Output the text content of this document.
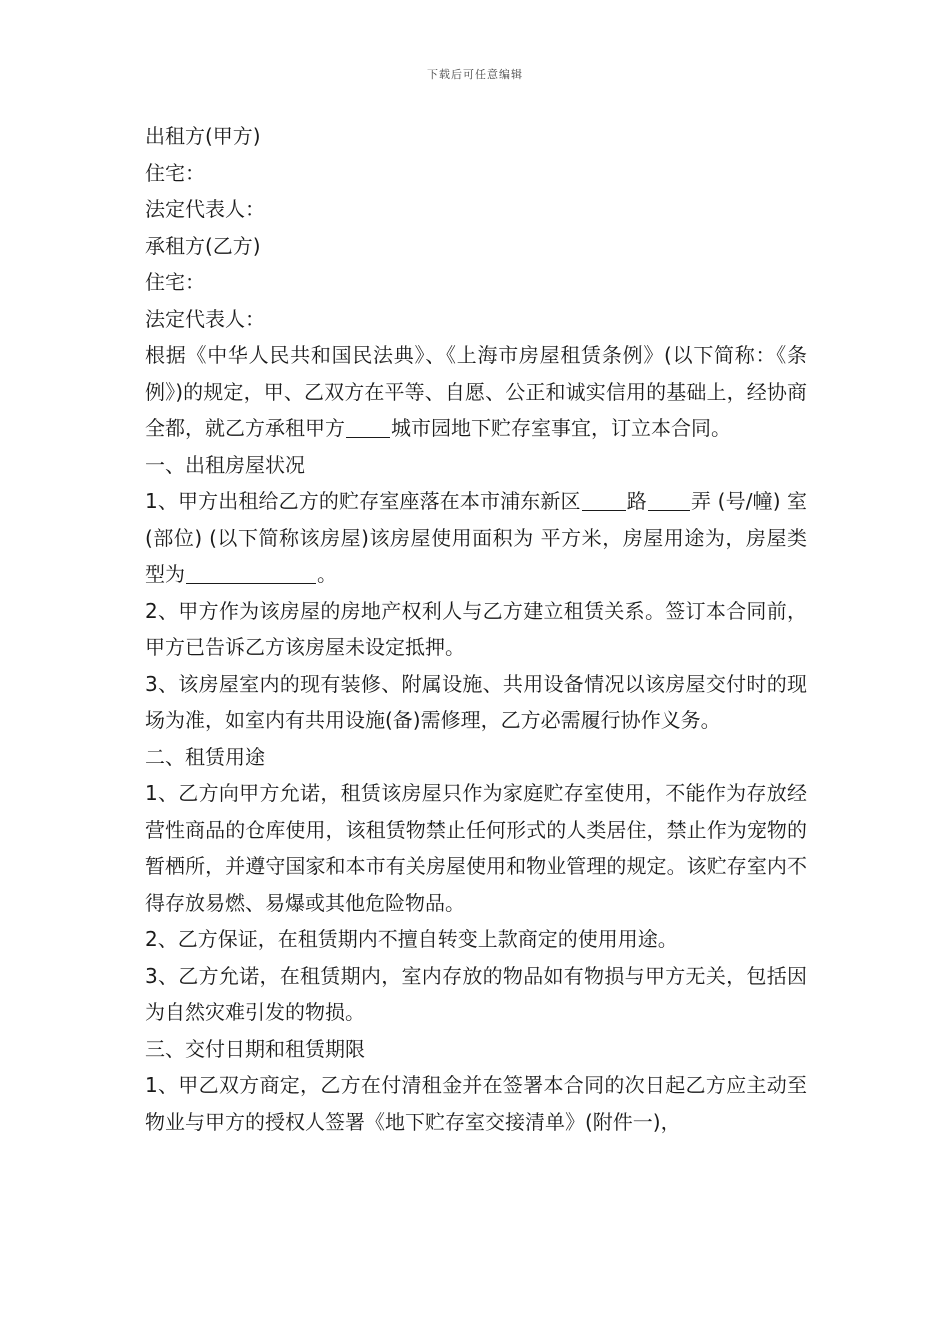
下载后可任意编辑

出租方(甲方)

住宅：

法定代表人：

承租方(乙方)

住宅：

法定代表人：

根据《中华人民共和国民法典》、《上海市房屋租赁条例》(以下简称：《条例》)的规定，甲、乙双方在平等、自愿、公正和诚实信用的基础上，经协商全都，就乙方承租甲方 城市园地下贮存室事宜，订立本合同。

一、出租房屋状况

1、甲方出租给乙方的贮存室座落在本市浦东新区 路 弄 (号/幢) 室(部位) (以下简称该房屋)该房屋使用面积为 平方米，房屋用途为，房屋类型为	。

2、甲方作为该房屋的房地产权利人与乙方建立租赁关系。签订本合同前，甲方已告诉乙方该房屋未设定抵押。

3、该房屋室内的现有装修、附属设施、共用设备情况以该房屋交付时的现场为准，如室内有共用设施(备)需修理，乙方必需履行协作义务。

二、租赁用途

1、乙方向甲方允诺，租赁该房屋只作为家庭贮存室使用，不能作为存放经营性商品的仓库使用，该租赁物禁止任何形式的人类居住，禁止作为宠物的暂栖所，并遵守国家和本市有关房屋使用和物业管理的规定。该贮存室内不得存放易燃、易爆或其他危险物品。

2、乙方保证，在租赁期内不擅自转变上款商定的使用用途。

3、乙方允诺，在租赁期内，室内存放的物品如有物损与甲方无关，包括因为自然灾难引发的物损。

三、交付日期和租赁期限

1、甲乙双方商定，乙方在付清租金并在签署本合同的次日起乙方应主动至物业与甲方的授权人签署《地下贮存室交接清单》(附件一)，
